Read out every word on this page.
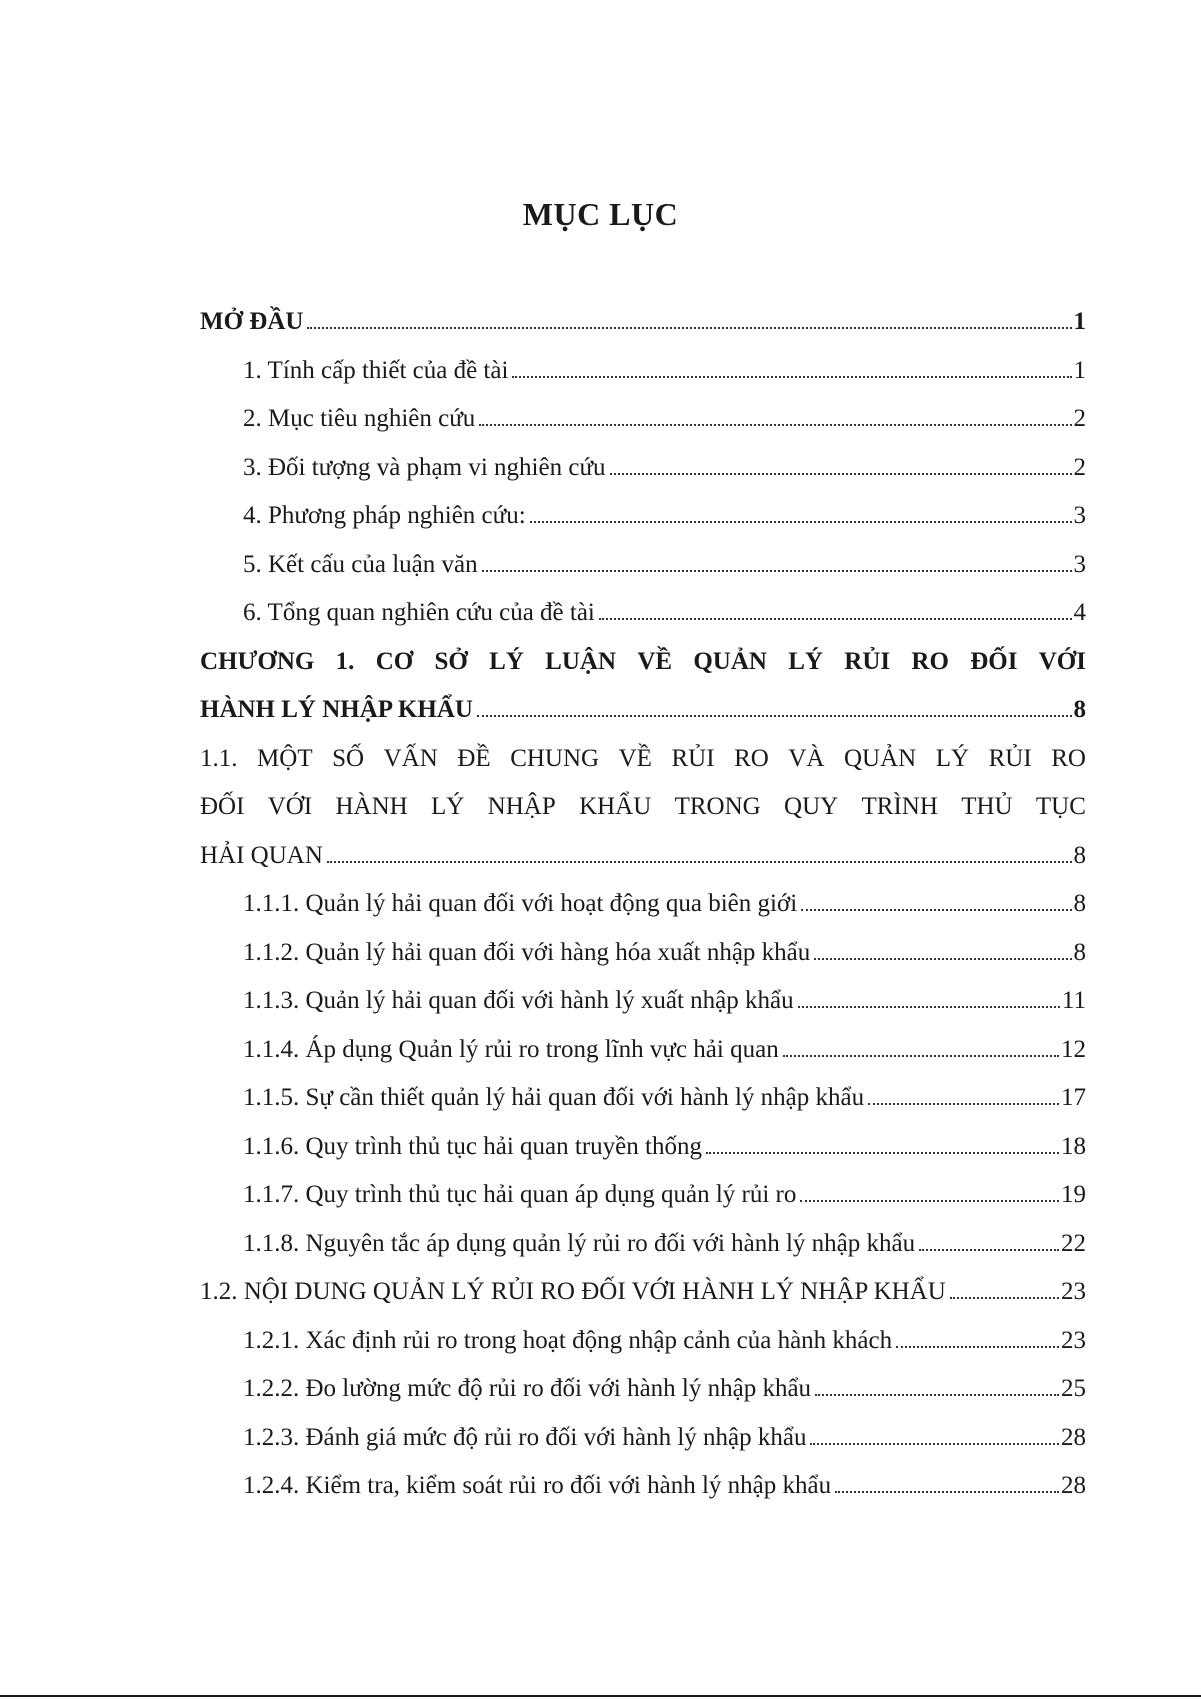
MỤC LỤC
MỞ ĐẦU	1
1. Tính cấp thiết của đề tài	1
2. Mục tiêu nghiên cứu	2
3. Đối tượng và phạm vi nghiên cứu	2
4. Phương pháp nghiên cứu:	3
5. Kết cấu của luận văn	3
6. Tổng quan nghiên cứu của đề tài	4
CHƯƠNG 1. CƠ SỞ LÝ LUẬN VỀ QUẢN LÝ RỦI RO ĐỐI VỚI
HÀNH LÝ NHẬP KHẨU	8
1.1. MỘT SỐ VẤN ĐỀ CHUNG VỀ RỦI RO VÀ QUẢN LÝ RỦI RO
ĐỐI VỚI HÀNH LÝ NHẬP KHẨU TRONG QUY TRÌNH THỦ TỤC
HẢI QUAN	8
1.1.1. Quản lý hải quan đối với hoạt động qua biên giới	8
1.1.2. Quản lý hải quan đối với hàng hóa xuất nhập khẩu	8
1.1.3. Quản lý hải quan đối với hành lý xuất nhập khẩu	11
1.1.4. Áp dụng Quản lý rủi ro trong lĩnh vực hải quan	12
1.1.5. Sự cần thiết quản lý hải quan đối với hành lý nhập khẩu	17
1.1.6. Quy trình thủ tục hải quan truyền thống	18
1.1.7. Quy trình thủ tục hải quan áp dụng quản lý rủi ro	19
1.1.8. Nguyên tắc áp dụng quản lý rủi ro đối với hành lý nhập khẩu	22
1.2. NỘI DUNG QUẢN LÝ RỦI RO ĐỐI VỚI HÀNH LÝ NHẬP KHẨU	23
1.2.1. Xác định rủi ro trong hoạt động nhập cảnh của hành khách	23
1.2.2. Đo lường mức độ rủi ro đối với hành lý nhập khẩu	25
1.2.3. Đánh giá mức độ rủi ro đối với hành lý nhập khẩu	28
1.2.4. Kiểm tra, kiểm soát rủi ro đối với hành lý nhập khẩu	28
